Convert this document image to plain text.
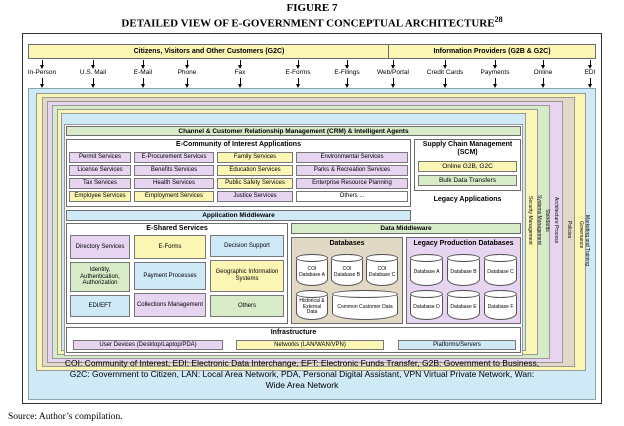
FIGURE 7
DETAILED VIEW OF E-GOVERNMENT CONCEPTUAL ARCHITECTURE$^{28}$
Citizens, Visitors and Other Customers (G2C)	Information Providers (G2B & G2C)
In-Person	U.S. Mail	E-Mail	Phone	Fax	E-Forms	E-Filings	Web/Portal	Credit Cards	Payments	Online	EDI
Marketing and Training
Governance
Policies
Architecture Process
Standards
Systems Management
Security Management
Channel & Customer Relationship Management (CRM) & Intelligent Agents
E-Community of Interest Applications
Permit Services
License Services
Tax Services
Employee Services
E-Procurement Services
Benefits Services
Health Services
Employment Services
Family Services
Education Services
Public Safety Services
Justice Services
Environmental Services
Parks & Recreation Services
Enterprise Resource Planning
Others ...
Supply Chain Management (SCM)
Online G2B, G2C
Bulk Data Transfers
Legacy Applications
Application Middleware
Data Middleware
E-Shared Services
Directory Services
Identity, Authentication, Authorization
EDI/EFT
E-Forms
Payment Processes
Collections Management
Decision Support
Geographic Information Systems
Others
Databases
COI Database A
COI Database B
COI Database C
Historical & External Data
Common Customer Data
Legacy Production Databases
Database A Database B Database C
Database D Database E Database F
Infrastructure
User Devices (Desktop/Laptop/PDA)	Networks (LAN/WAN/VPN)	Platforms/Servers
COI: Community of Interest, EDI: Electronic Data Interchange, EFT: Electronic Funds Transfer, G2B: Government to Business, G2C: Government to Citizen, LAN: Local Area Network, PDA, Personal Digital Assistant, VPN Virtual Private Network, Wan: Wide Area Network
Source: Author’s compilation.
